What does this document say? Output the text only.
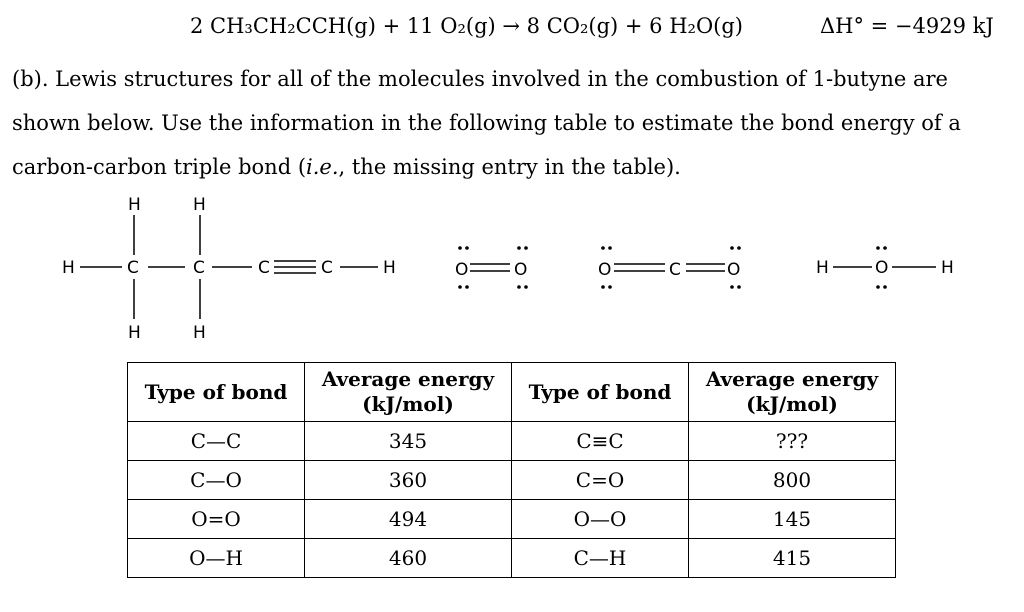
2 CH₃CH₂CCH(g) + 11 O₂(g) → 8 CO₂(g) + 6 H₂O(g)	ΔH° = −4929 kJ

(b). Lewis structures for all of the molecules involved in the combustion of 1-butyne are

shown below. Use the information in the following table to estimate the bond energy of a

carbon-carbon triple bond (i.e., the missing entry in the table).

H	C	C	C	C	H
H	H
H	H
O	O	O	C	O	H	O	H
Type of bond	Average energy (kJ/mol)	Type of bond	Average energy (kJ/mol)
C—C	345	C≡C	???
C—O	360	C=O	800
O=O	494	O—O	145
O—H	460	C—H	415
